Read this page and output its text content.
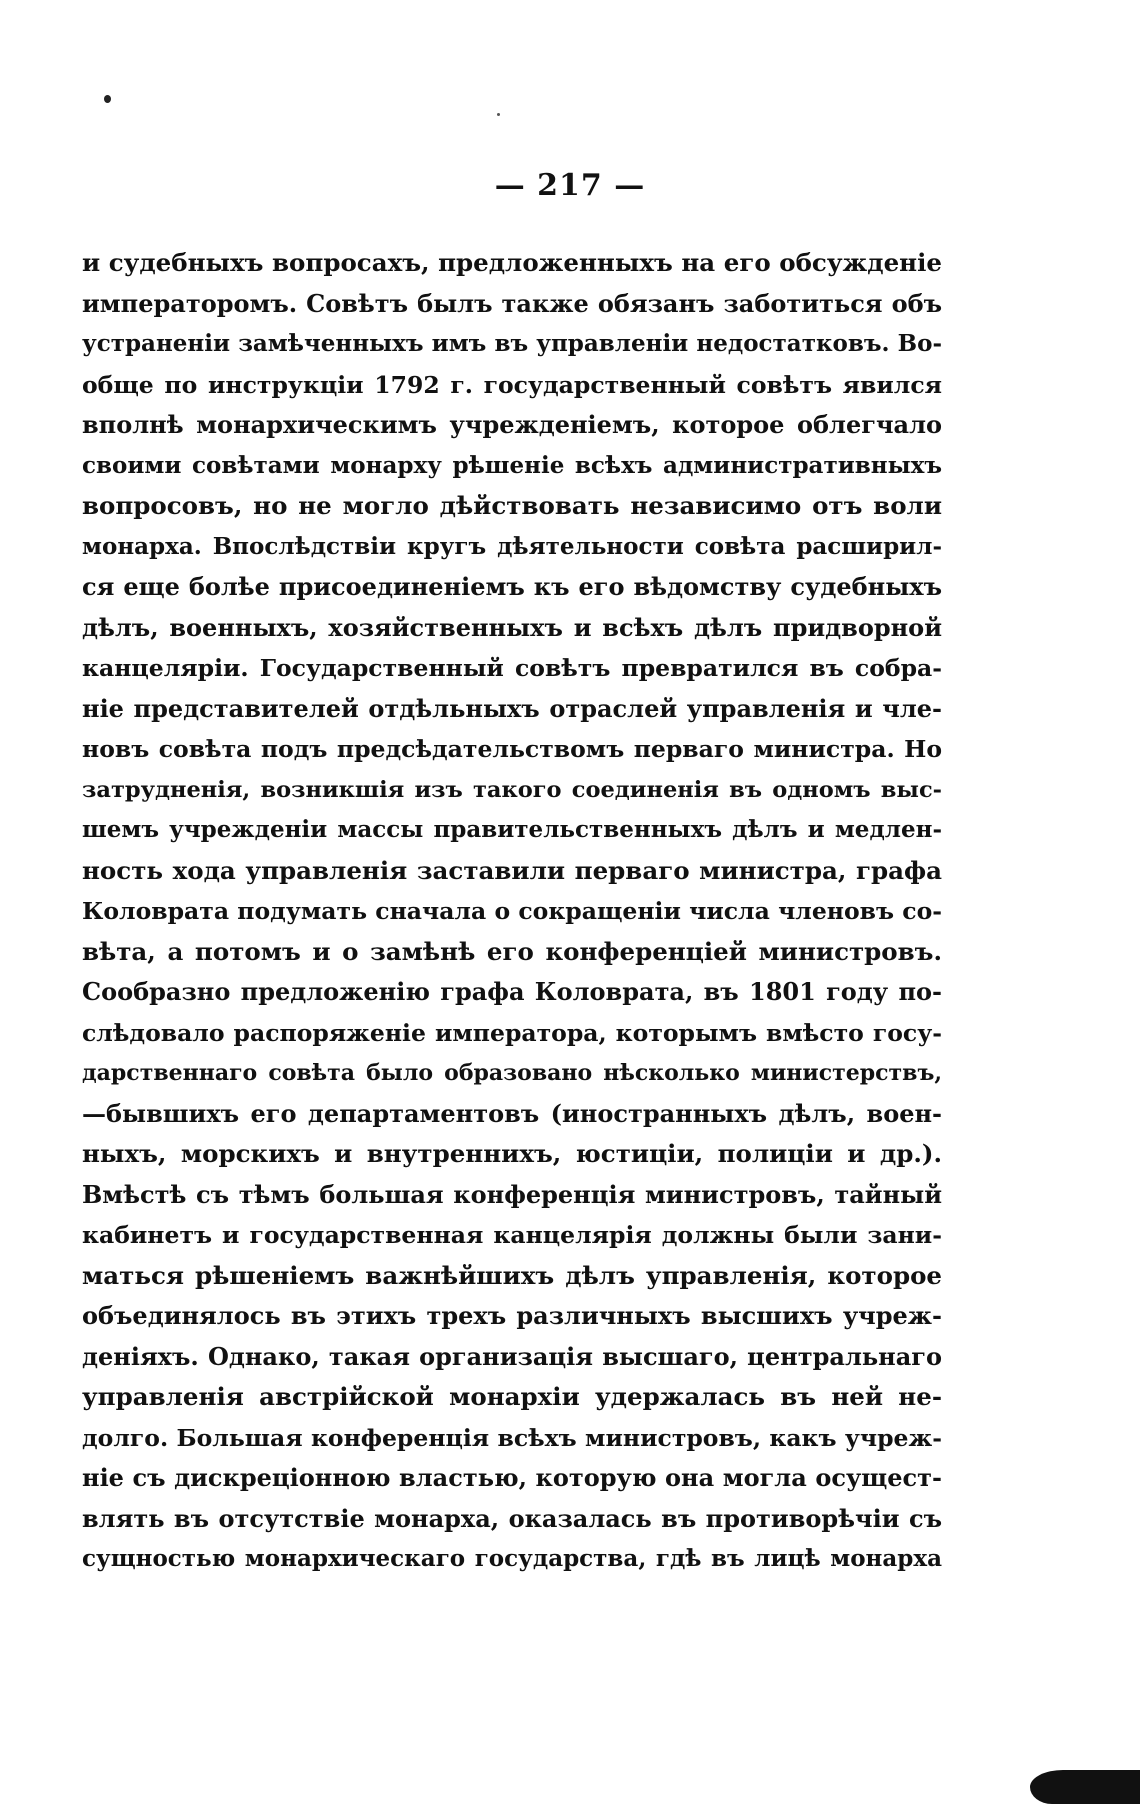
— 217 —
и судебныхъ вопросахъ, предложенныхъ на его обсужденіе
императоромъ. Совѣтъ былъ также обязанъ заботиться объ
устраненіи замѣченныхъ имъ въ управленіи недостатковъ. Во-
обще по инструкціи 1792 г. государственный совѣтъ явился
вполнѣ монархическимъ учрежденіемъ, которое облегчало
своими совѣтами монарху рѣшеніе всѣхъ административныхъ
вопросовъ, но не могло дѣйствовать независимо отъ воли
монарха. Впослѣдствіи кругъ дѣятельности совѣта расширил-
ся еще болѣе присоединеніемъ къ его вѣдомству судебныхъ
дѣлъ, военныхъ, хозяйственныхъ и всѣхъ дѣлъ придворной
канцеляріи. Государственный совѣтъ превратился въ собра-
ніе представителей отдѣльныхъ отраслей управленія и чле-
новъ совѣта подъ предсѣдательствомъ перваго министра. Но
затрудненія, возникшія изъ такого соединенія въ одномъ выс-
шемъ учрежденіи массы правительственныхъ дѣлъ и медлен-
ность хода управленія заставили перваго министра, графа
Коловрата подумать сначала о сокращеніи числа членовъ со-
вѣта, а потомъ и о замѣнѣ его конференціей министровъ.
Сообразно предложенію графа Коловрата, въ 1801 году по-
слѣдовало распоряженіе императора, которымъ вмѣсто госу-
дарственнаго совѣта было образовано нѣсколько министерствъ,
—бывшихъ его департаментовъ (иностранныхъ дѣлъ, воен-
ныхъ, морскихъ и внутреннихъ, юстиціи, полиціи и др.).
Вмѣстѣ съ тѣмъ большая конференція министровъ, тайный
кабинетъ и государственная канцелярія должны были зани-
маться рѣшеніемъ важнѣйшихъ дѣлъ управленія, которое
объединялось въ этихъ трехъ различныхъ высшихъ учреж-
деніяхъ. Однако, такая организація высшаго, центральнаго
управленія австрійской монархіи удержалась въ ней не-
долго. Большая конференція всѣхъ министровъ, какъ учреж-
ніе съ дискреціонною властью, которую она могла осущест-
влять въ отсутствіе монарха, оказалась въ противорѣчіи съ
сущностью монархическаго государства, гдѣ въ лицѣ монарха
